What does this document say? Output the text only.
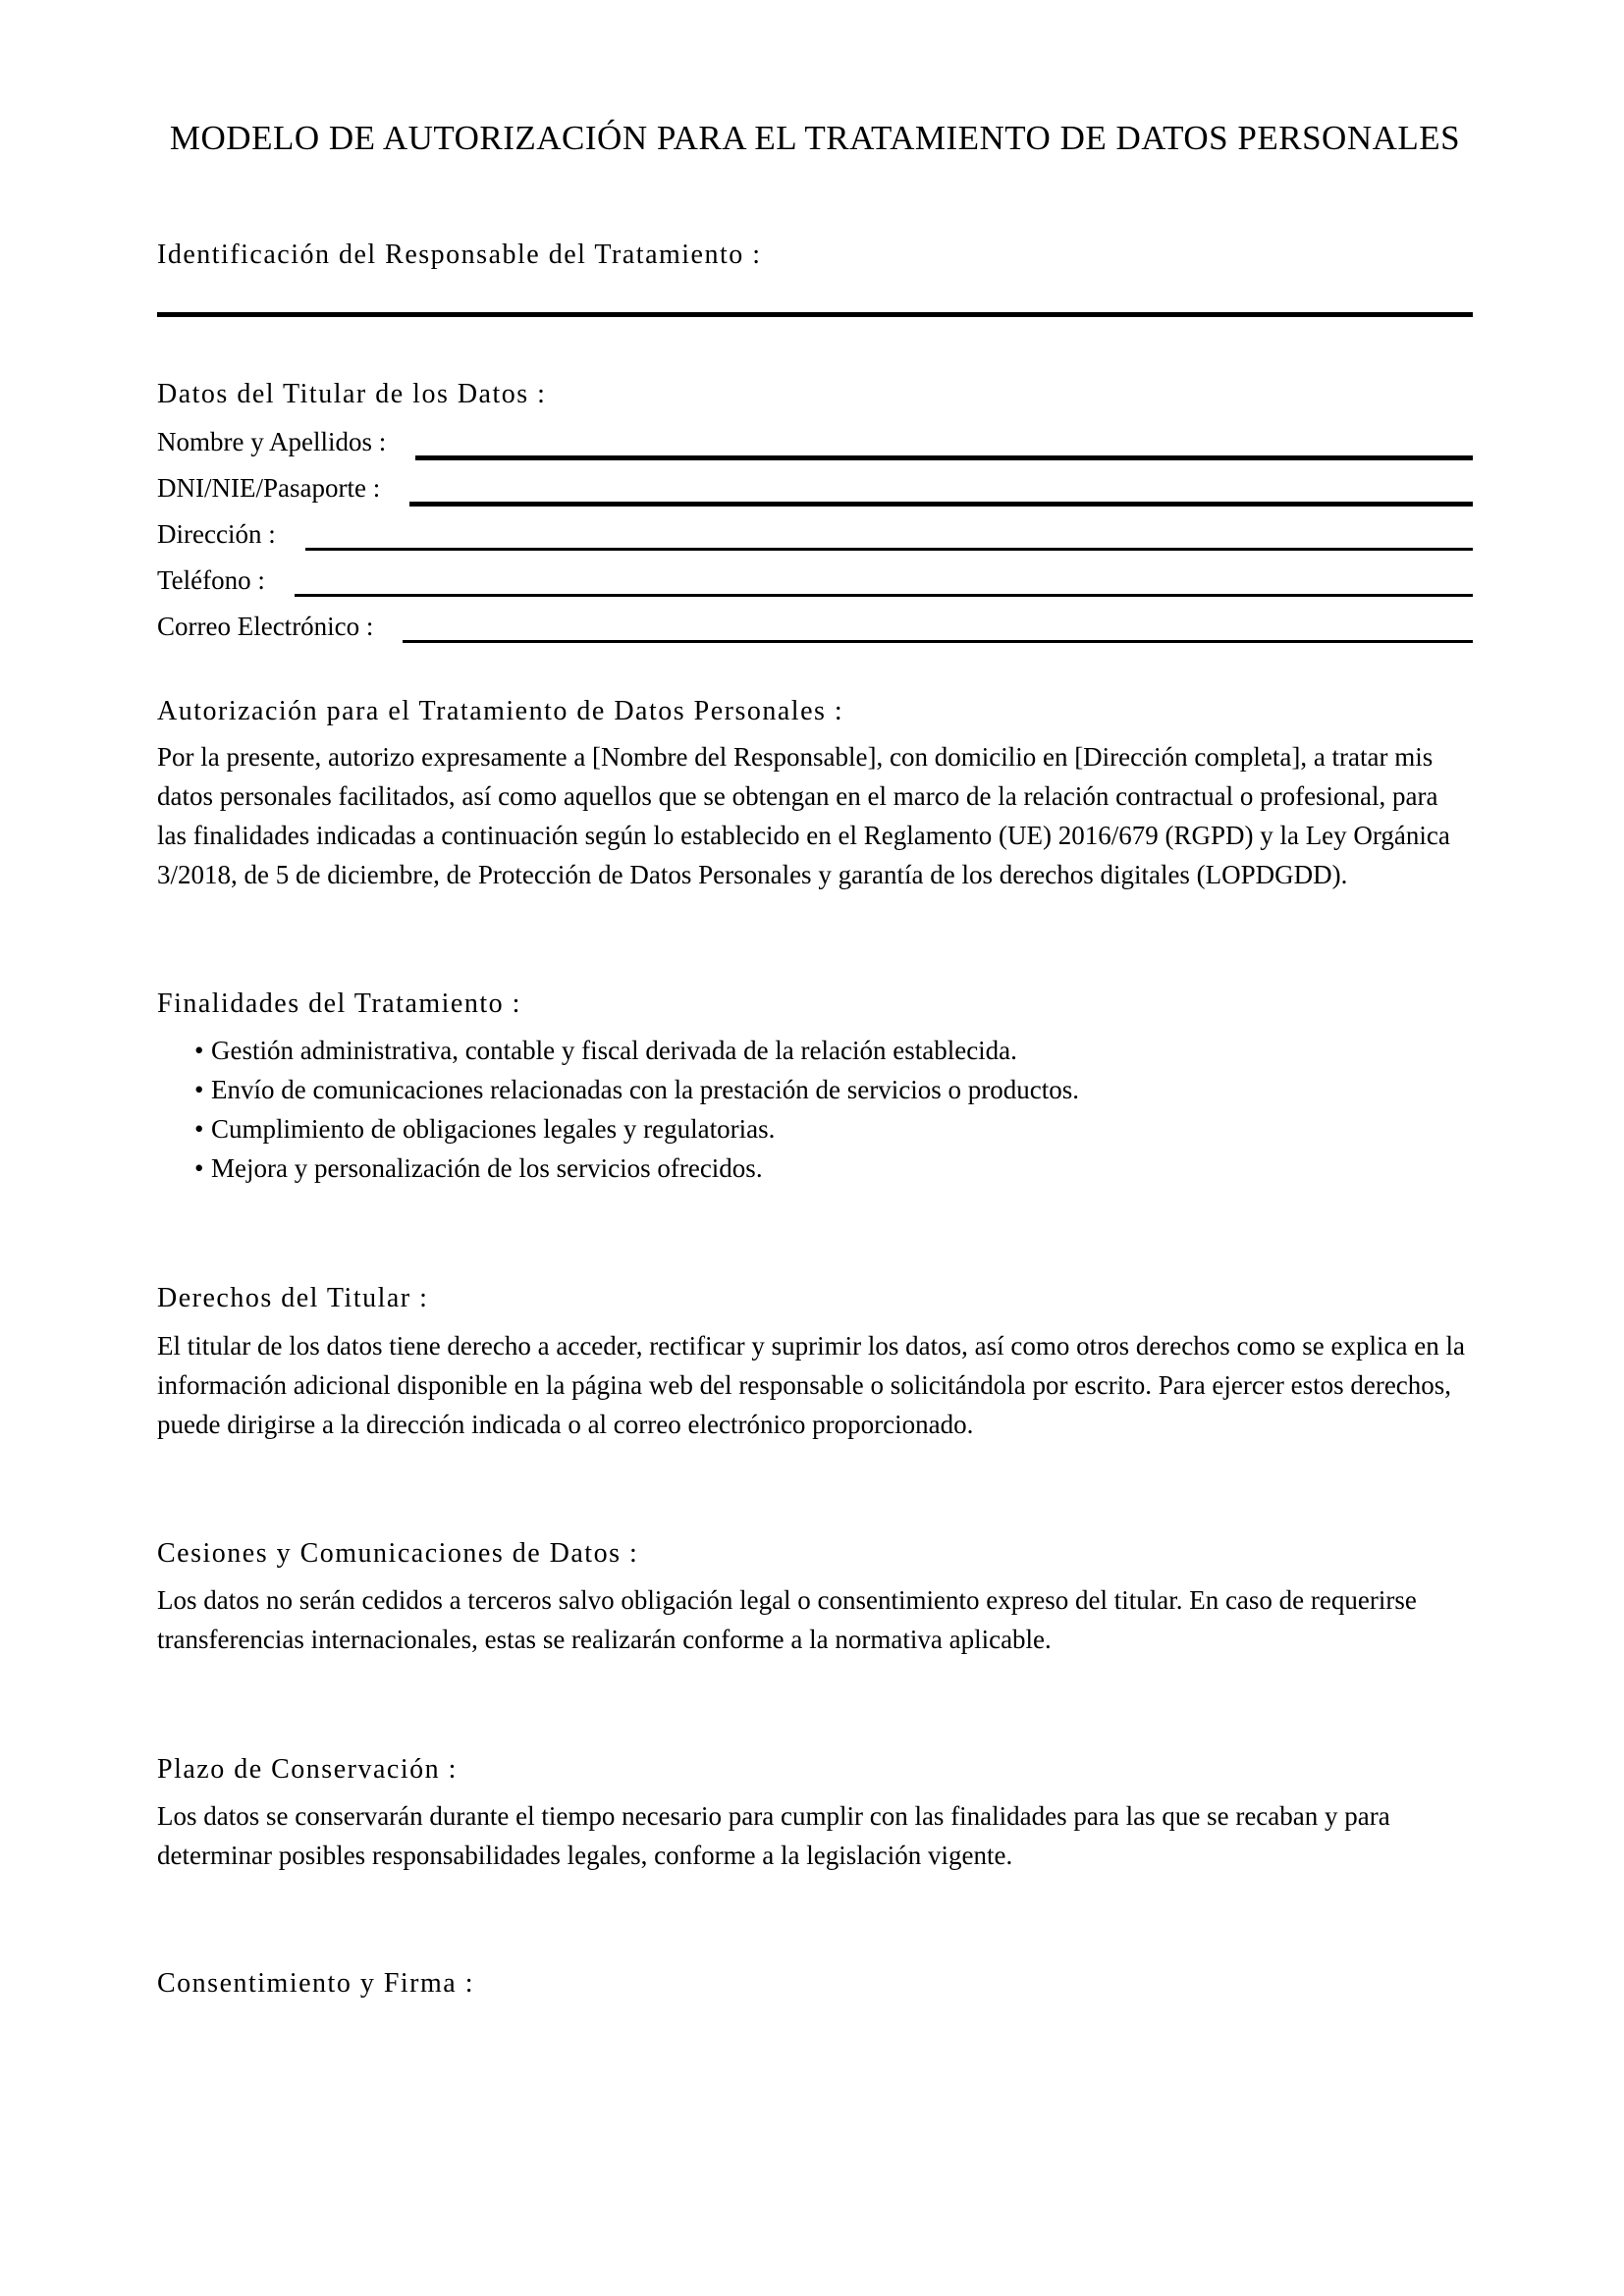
MODELO DE AUTORIZACIÓN PARA EL TRATAMIENTO DE DATOS PERSONALES
Identificación del Responsable del Tratamiento :
Datos del Titular de los Datos :
Nombre y Apellidos :
DNI/NIE/Pasaporte :
Dirección :
Teléfono :
Correo Electrónico :
Autorización para el Tratamiento de Datos Personales :

Por la presente, autorizo expresamente a [Nombre del Responsable], con domicilio en [Dirección completa], a tratar mis datos personales facilitados, así como aquellos que se obtengan en el marco de la relación contractual o profesional, para las finalidades indicadas a continuación según lo establecido en el Reglamento (UE) 2016/679 (RGPD) y la Ley Orgánica 3/2018, de 5 de diciembre, de Protección de Datos Personales y garantía de los derechos digitales (LOPDGDD).

Finalidades del Tratamiento :
• Gestión administrativa, contable y fiscal derivada de la relación establecida.
• Envío de comunicaciones relacionadas con la prestación de servicios o productos.
• Cumplimiento de obligaciones legales y regulatorias.
• Mejora y personalización de los servicios ofrecidos.
Derechos del Titular :

El titular de los datos tiene derecho a acceder, rectificar y suprimir los datos, así como otros derechos como se explica en la información adicional disponible en la página web del responsable o solicitándola por escrito. Para ejercer estos derechos, puede dirigirse a la dirección indicada o al correo electrónico proporcionado.

Cesiones y Comunicaciones de Datos :

Los datos no serán cedidos a terceros salvo obligación legal o consentimiento expreso del titular. En caso de requerirse transferencias internacionales, estas se realizarán conforme a la normativa aplicable.

Plazo de Conservación :

Los datos se conservarán durante el tiempo necesario para cumplir con las finalidades para las que se recaban y para determinar posibles responsabilidades legales, conforme a la legislación vigente.

Consentimiento y Firma :
